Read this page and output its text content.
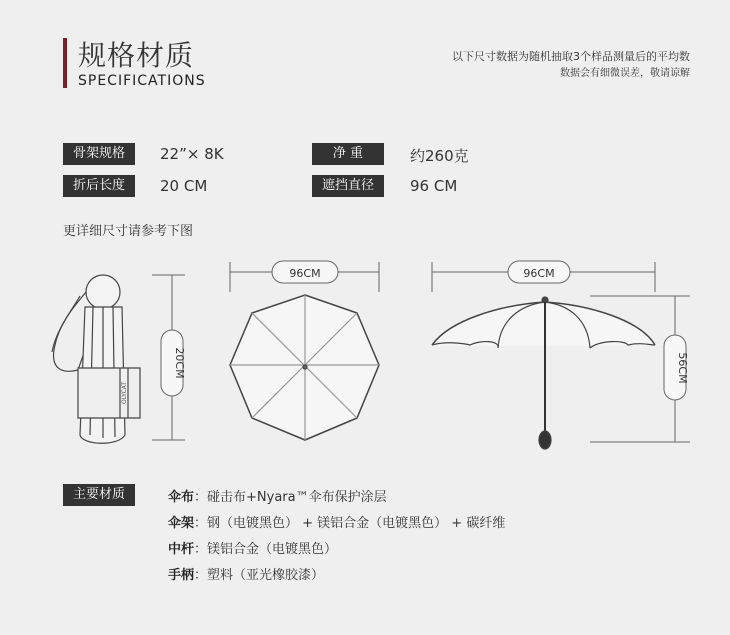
规格材质
SPECIFICATIONS
以下尺寸数据为随机抽取3个样品测量后的平均数
数据会有细微误差，敬请谅解
骨架规格	22”× 8K	净 重	约260克
折后长度	20 CM	遮挡直径	96 CM
更详细尺寸请参考下图
20CM
96CM	96CM
56CM
OLYCAT
主要材质	伞布：碰击布+Nyara™伞布保护涂层
伞架：钢（电镀黑色） + 镁铝合金（电镀黑色） + 碳纤维
中杆：镁铝合金（电镀黑色）
手柄：塑料（亚光橡胶漆）
